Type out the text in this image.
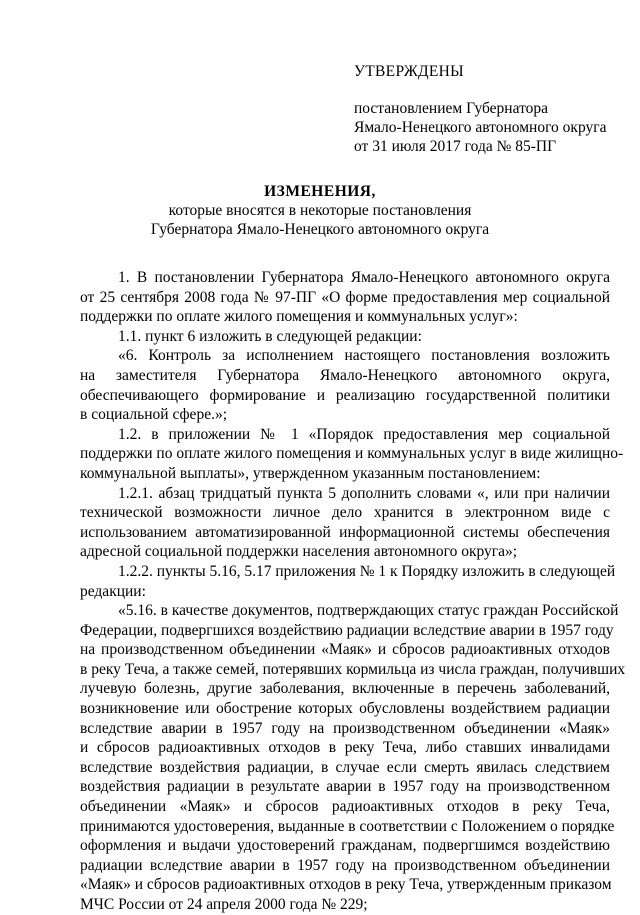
УТВЕРЖДЕНЫ
постановлением Губернатора
Ямало-Ненецкого автономного округа
от 31 июля 2017 года № 85-ПГ
ИЗМЕНЕНИЯ,
которые вносятся в некоторые постановления
Губернатора Ямало-Ненецкого автономного округа
1. В постановлении Губернатора Ямало-Ненецкого автономного округа
от 25 сентября 2008 года № 97-ПГ «О форме предоставления мер социальной
поддержки по оплате жилого помещения и коммунальных услуг»:
1.1. пункт 6 изложить в следующей редакции:
«6. Контроль за исполнением настоящего постановления возложить
на заместителя Губернатора Ямало-Ненецкого автономного округа,
обеспечивающего формирование и реализацию государственной политики
в социальной сфере.»;
1.2. в приложении № 1 «Порядок предоставления мер социальной
поддержки по оплате жилого помещения и коммунальных услуг в виде жилищно-
коммунальной выплаты», утвержденном указанным постановлением:
1.2.1. абзац тридцатый пункта 5 дополнить словами «, или при наличии
технической возможности личное дело хранится в электронном виде с
использованием автоматизированной информационной системы обеспечения
адресной социальной поддержки населения автономного округа»;
1.2.2. пункты 5.16, 5.17 приложения № 1 к Порядку изложить в следующей
редакции:
«5.16. в качестве документов, подтверждающих статус граждан Российской
Федерации, подвергшихся воздействию радиации вследствие аварии в 1957 году
на производственном объединении «Маяк» и сбросов радиоактивных отходов
в реку Теча, а также семей, потерявших кормильца из числа граждан, получивших
лучевую болезнь, другие заболевания, включенные в перечень заболеваний,
возникновение или обострение которых обусловлены воздействием радиации
вследствие аварии в 1957 году на производственном объединении «Маяк»
и сбросов радиоактивных отходов в реку Теча, либо ставших инвалидами
вследствие воздействия радиации, в случае если смерть явилась следствием
воздействия радиации в результате аварии в 1957 году на производственном
объединении «Маяк» и сбросов радиоактивных отходов в реку Теча,
принимаются удостоверения, выданные в соответствии с Положением о порядке
оформления и выдачи удостоверений гражданам, подвергшимся воздействию
радиации вследствие аварии в 1957 году на производственном объединении
«Маяк» и сбросов радиоактивных отходов в реку Теча, утвержденным приказом
МЧС России от 24 апреля 2000 года № 229;
